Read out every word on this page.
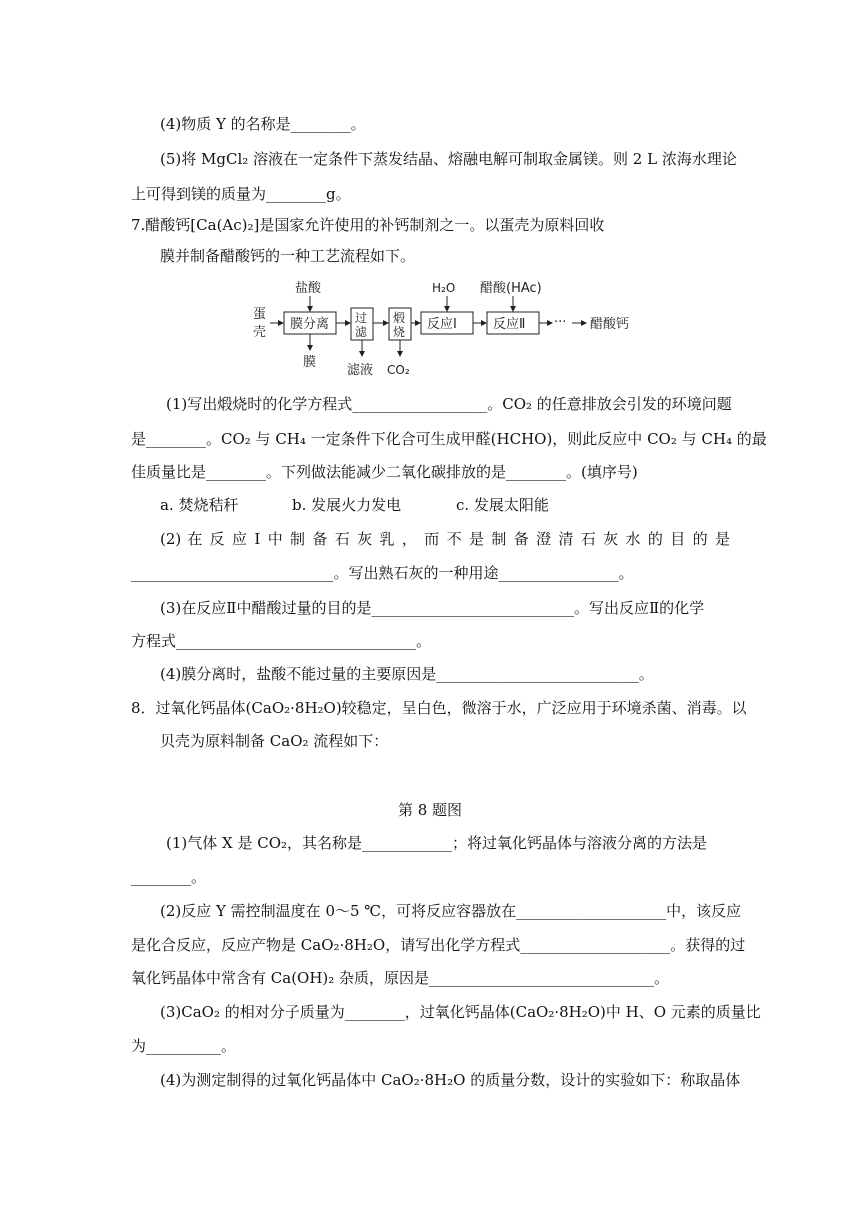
(4)物质 Y 的名称是________。
(5)将 MgCl₂ 溶液在一定条件下蒸发结晶、熔融电解可制取金属镁。则 2 L 浓海水理论
上可得到镁的质量为________g。
7.醋酸钙[Ca(Ac)₂]是国家允许使用的补钙制剂之一。以蛋壳为原料回收
膜并制备醋酸钙的一种工艺流程如下。
蛋
壳
盐酸
膜分离
膜
过
滤
滤液
煅
烧
CO₂
H₂O
反应Ⅰ
醋酸(HAc)
反应Ⅱ ··· 醋酸钙
(1)写出煅烧时的化学方程式__________________。CO₂ 的任意排放会引发的环境问题
是________。CO₂ 与 CH₄ 一定条件下化合可生成甲醛(HCHO)，则此反应中 CO₂ 与 CH₄ 的最
佳质量比是________。下列做法能减少二氧化碳排放的是________。(填序号)
a. 焚烧秸秆	b. 发展火力发电	c. 发展太阳能
(2) 在 反 应 Ⅰ 中 制 备 石 灰 乳 ， 而 不 是 制 备 澄 清 石 灰 水 的 目 的 是
___________________________。写出熟石灰的一种用途________________。
(3)在反应Ⅱ中醋酸过量的目的是___________________________。写出反应Ⅱ的化学
方程式________________________________。
(4)膜分离时，盐酸不能过量的主要原因是___________________________。
8．过氧化钙晶体(CaO₂·8H₂O)较稳定，呈白色，微溶于水，广泛应用于环境杀菌、消毒。以
贝壳为原料制备 CaO₂ 流程如下：
第 8 题图
(1)气体 X 是 CO₂，其名称是____________；将过氧化钙晶体与溶液分离的方法是
________。
(2)反应 Y 需控制温度在 0～5 ℃，可将反应容器放在____________________中，该反应
是化合反应，反应产物是 CaO₂·8H₂O，请写出化学方程式____________________。获得的过
氧化钙晶体中常含有 Ca(OH)₂ 杂质，原因是______________________________。
(3)CaO₂ 的相对分子质量为________，过氧化钙晶体(CaO₂·8H₂O)中 H、O 元素的质量比
为__________。
(4)为测定制得的过氧化钙晶体中 CaO₂·8H₂O 的质量分数，设计的实验如下：称取晶体
